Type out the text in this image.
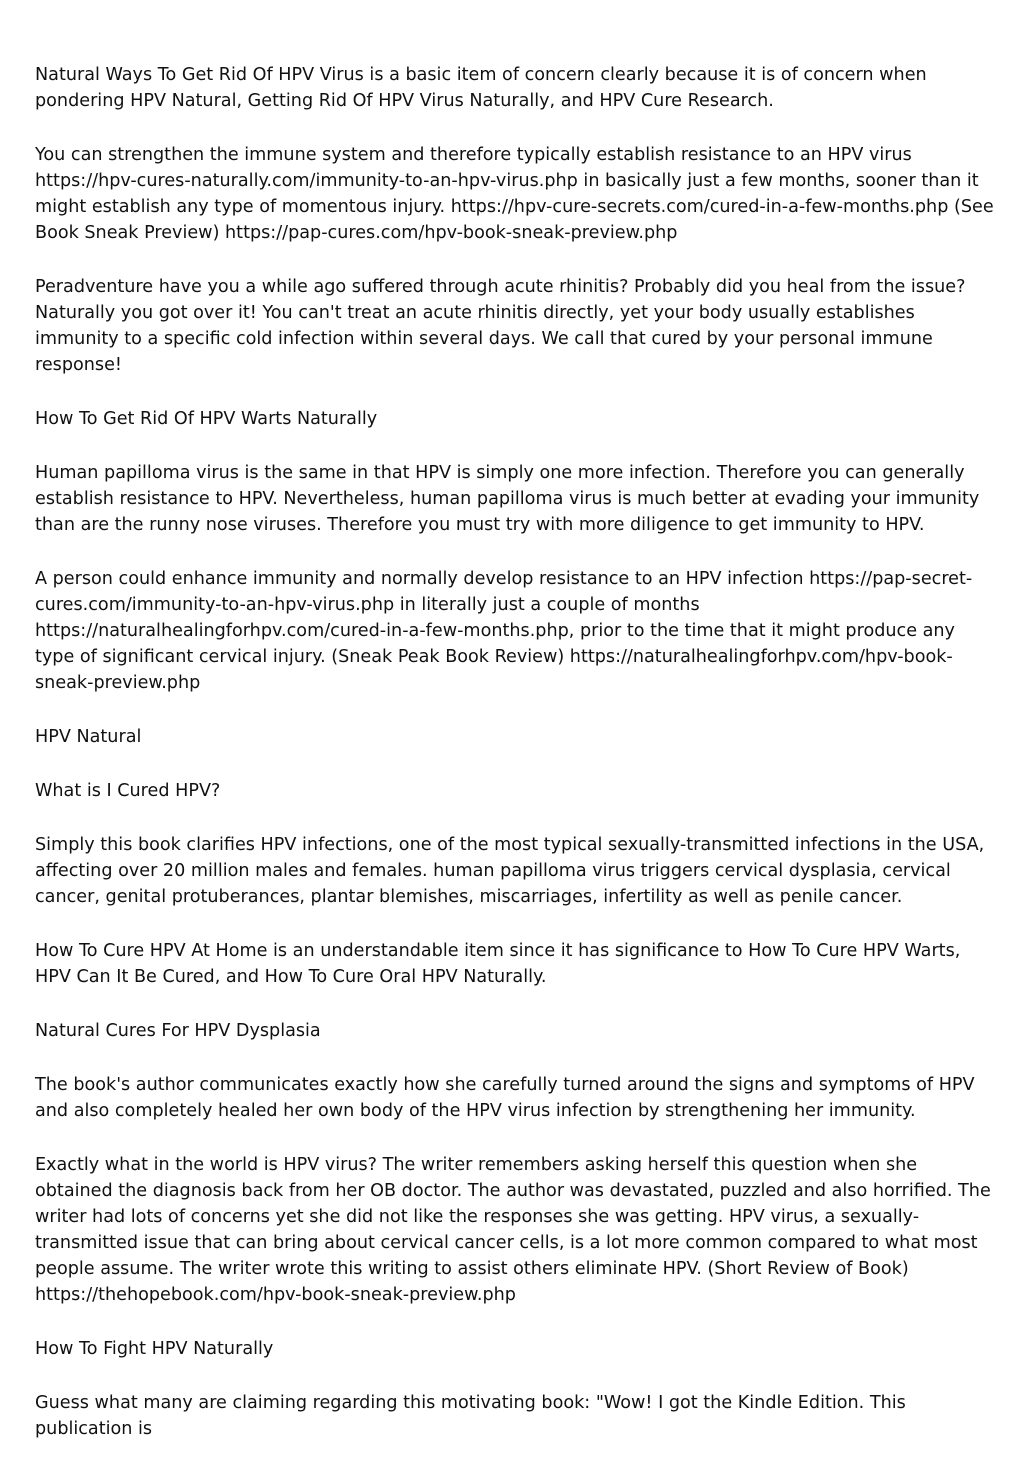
Natural Ways To Get Rid Of HPV Virus is a basic item of concern clearly because it is of concern when pondering HPV Natural, Getting Rid Of HPV Virus Naturally, and HPV Cure Research.

You can strengthen the immune system and therefore typically establish resistance to an HPV virus https://hpv-cures-naturally.com/immunity-to-an-hpv-virus.php in basically just a few months, sooner than it might establish any type of momentous injury. https://hpv-cure-secrets.com/cured-in-a-few-months.php (See Book Sneak Preview) https://pap-cures.com/hpv-book-sneak-preview.php

Peradventure have you a while ago suffered through acute rhinitis? Probably did you heal from the issue? Naturally you got over it! You can't treat an acute rhinitis directly, yet your body usually establishes immunity to a specific cold infection within several days. We call that cured by your personal immune response!

How To Get Rid Of HPV Warts Naturally

Human papilloma virus is the same in that HPV is simply one more infection. Therefore you can generally establish resistance to HPV. Nevertheless, human papilloma virus is much better at evading your immunity than are the runny nose viruses. Therefore you must try with more diligence to get immunity to HPV.

A person could enhance immunity and normally develop resistance to an HPV infection https://pap-secret-cures.com/immunity-to-an-hpv-virus.php in literally just a couple of months https://naturalhealingforhpv.com/cured-in-a-few-months.php, prior to the time that it might produce any type of significant cervical injury. (Sneak Peak Book Review) https://naturalhealingforhpv.com/hpv-book-sneak-preview.php

HPV Natural

What is I Cured HPV?

Simply this book clarifies HPV infections, one of the most typical sexually-transmitted infections in the USA, affecting over 20 million males and females. human papilloma virus triggers cervical dysplasia, cervical cancer, genital protuberances, plantar blemishes, miscarriages, infertility as well as penile cancer.

How To Cure HPV At Home is an understandable item since it has significance to How To Cure HPV Warts, HPV Can It Be Cured, and How To Cure Oral HPV Naturally.

Natural Cures For HPV Dysplasia

The book's author communicates exactly how she carefully turned around the signs and symptoms of HPV and also completely healed her own body of the HPV virus infection by strengthening her immunity.

Exactly what in the world is HPV virus? The writer remembers asking herself this question when she obtained the diagnosis back from her OB doctor. The author was devastated, puzzled and also horrified. The writer had lots of concerns yet she did not like the responses she was getting. HPV virus, a sexually-transmitted issue that can bring about cervical cancer cells, is a lot more common compared to what most people assume. The writer wrote this writing to assist others eliminate HPV. (Short Review of Book) https://thehopebook.com/hpv-book-sneak-preview.php

How To Fight HPV Naturally

Guess what many are claiming regarding this motivating book: "Wow! I got the Kindle Edition. This publication is
